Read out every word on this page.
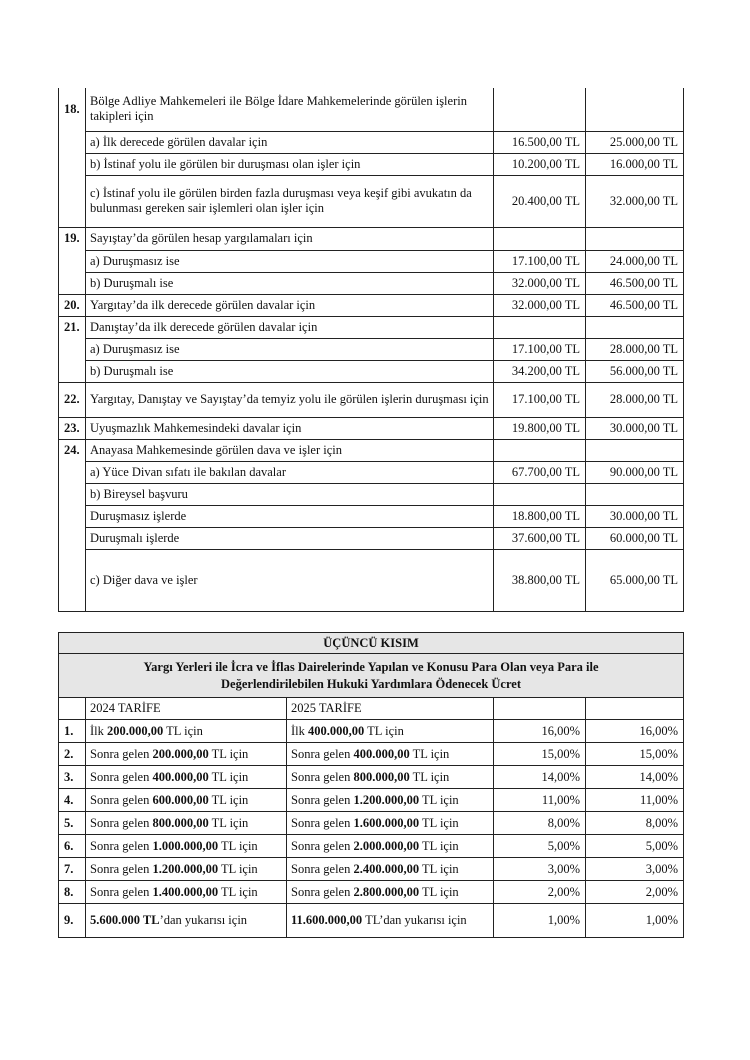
18.	Bölge Adliye Mahkemeleri ile Bölge İdare Mahkemelerinde görülen işlerin takipleri için		
	a) İlk derecede görülen davalar için	16.500,00 TL	25.000,00 TL
	b) İstinaf yolu ile görülen bir duruşması olan işler için	10.200,00 TL	16.000,00 TL
	c) İstinaf yolu ile görülen birden fazla duruşması veya keşif gibi avukatın da bulunması gereken sair işlemleri olan işler için	20.400,00 TL	32.000,00 TL
19.	Sayıştay’da görülen hesap yargılamaları için		
	a) Duruşmasız ise	17.100,00 TL	24.000,00 TL
	b) Duruşmalı ise	32.000,00 TL	46.500,00 TL
20.	Yargıtay’da ilk derecede görülen davalar için	32.000,00 TL	46.500,00 TL
21.	Danıştay’da ilk derecede görülen davalar için		
	a) Duruşmasız ise	17.100,00 TL	28.000,00 TL
	b) Duruşmalı ise	34.200,00 TL	56.000,00 TL
22.	Yargıtay, Danıştay ve Sayıştay’da temyiz yolu ile görülen işlerin duruşması için	17.100,00 TL	28.000,00 TL
23.	Uyuşmazlık Mahkemesindeki davalar için	19.800,00 TL	30.000,00 TL
24.	Anayasa Mahkemesinde görülen dava ve işler için		
	a) Yüce Divan sıfatı ile bakılan davalar	67.700,00 TL	90.000,00 TL
	b) Bireysel başvuru		
	Duruşmasız işlerde	18.800,00 TL	30.000,00 TL
	Duruşmalı işlerde	37.600,00 TL	60.000,00 TL
	c) Diğer dava ve işler	38.800,00 TL	65.000,00 TL
ÜÇÜNCÜ KISIM				
Yargı Yerleri ile İcra ve İflas Dairelerinde Yapılan ve Konusu Para Olan veya Para ile
Değerlendirilebilen Hukuki Yardımlara Ödenecek Ücret				
	2024 TARİFE	2025 TARİFE		
1.	İlk 200.000,00 TL için	İlk 400.000,00 TL için	16,00%	16,00%
2.	Sonra gelen 200.000,00 TL için	Sonra gelen 400.000,00 TL için	15,00%	15,00%
3.	Sonra gelen 400.000,00 TL için	Sonra gelen 800.000,00 TL için	14,00%	14,00%
4.	Sonra gelen 600.000,00 TL için	Sonra gelen 1.200.000,00 TL için	11,00%	11,00%
5.	Sonra gelen 800.000,00 TL için	Sonra gelen 1.600.000,00 TL için	8,00%	8,00%
6.	Sonra gelen 1.000.000,00 TL için	Sonra gelen 2.000.000,00 TL için	5,00%	5,00%
7.	Sonra gelen 1.200.000,00 TL için	Sonra gelen 2.400.000,00 TL için	3,00%	3,00%
8.	Sonra gelen 1.400.000,00 TL için	Sonra gelen 2.800.000,00 TL için	2,00%	2,00%
9.	5.600.000 TL’dan yukarısı için	11.600.000,00 TL’dan yukarısı için	1,00%	1,00%
